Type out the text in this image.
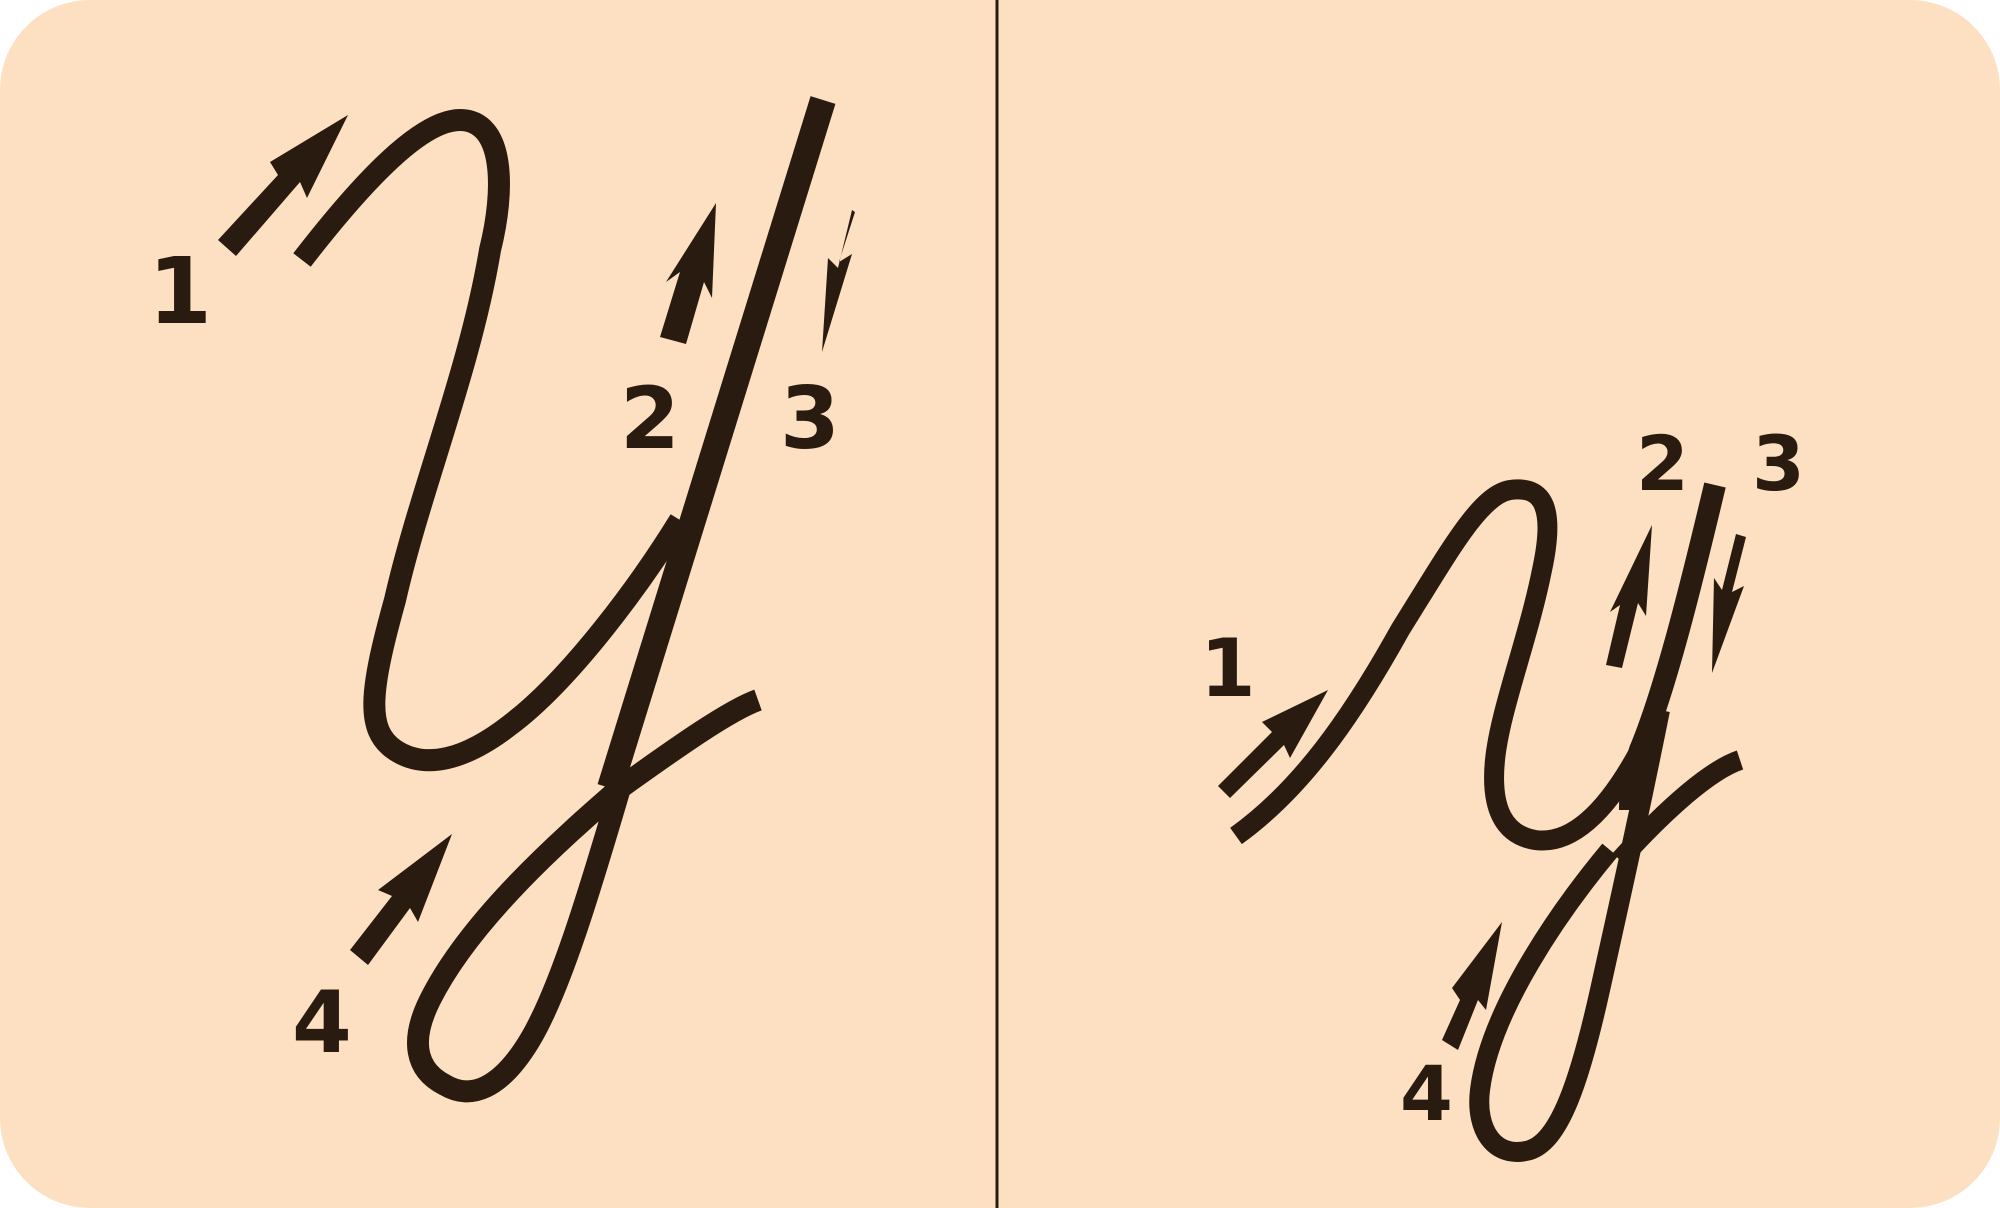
1
2 3
4
1
2 3
4
